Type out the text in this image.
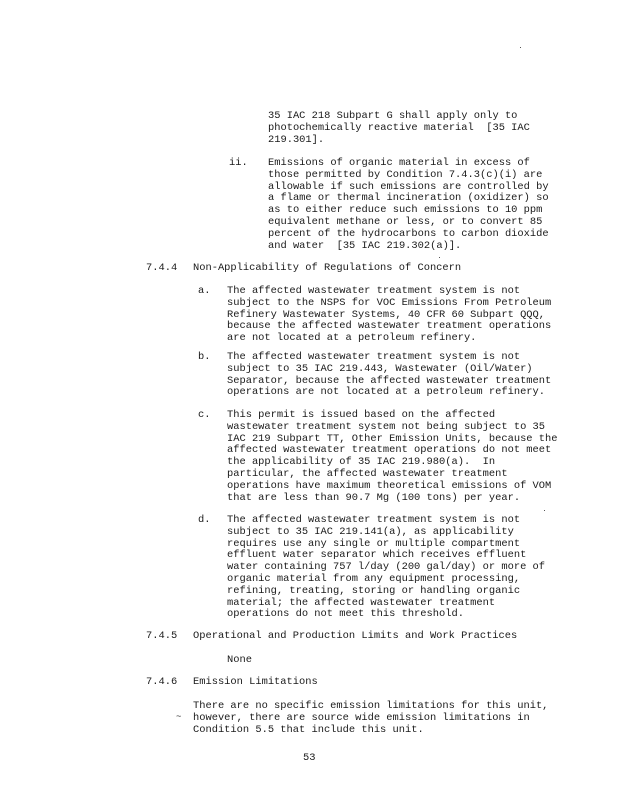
35 IAC 218 Subpart G shall apply only to
photochemically reactive material  [35 IAC
219.301].

ii. Emissions of organic material in excess of
those permitted by Condition 7.4.3(c)(i) are
allowable if such emissions are controlled by
a flame or thermal incineration (oxidizer) so
as to either reduce such emissions to 10 ppm
equivalent methane or less, or to convert 85
percent of the hydrocarbons to carbon dioxide
and water  [35 IAC 219.302(a)].

7.4.4 Non-Applicability of Regulations of Concern

a. The affected wastewater treatment system is not
subject to the NSPS for VOC Emissions From Petroleum
Refinery Wastewater Systems, 40 CFR 60 Subpart QQQ,
because the affected wastewater treatment operations
are not located at a petroleum refinery.

b. The affected wastewater treatment system is not
subject to 35 IAC 219.443, Wastewater (Oil/Water)
Separator, because the affected wastewater treatment
operations are not located at a petroleum refinery.

c. This permit is issued based on the affected
wastewater treatment system not being subject to 35
IAC 219 Subpart TT, Other Emission Units, because the
affected wastewater treatment operations do not meet
the applicability of 35 IAC 219.980(a).  In
particular, the affected wastewater treatment
operations have maximum theoretical emissions of VOM
that are less than 90.7 Mg (100 tons) per year.

d. The affected wastewater treatment system is not
subject to 35 IAC 219.141(a), as applicability
requires use any single or multiple compartment
effluent water separator which receives effluent
water containing 757 l/day (200 gal/day) or more of
organic material from any equipment processing,
refining, treating, storing or handling organic
material; the affected wastewater treatment
operations do not meet this threshold.

7.4.5 Operational and Production Limits and Work Practices

None

7.4.6 Emission Limitations

There are no specific emission limitations for this unit,
however, there are source wide emission limitations in
Condition 5.5 that include this unit.

~

53
